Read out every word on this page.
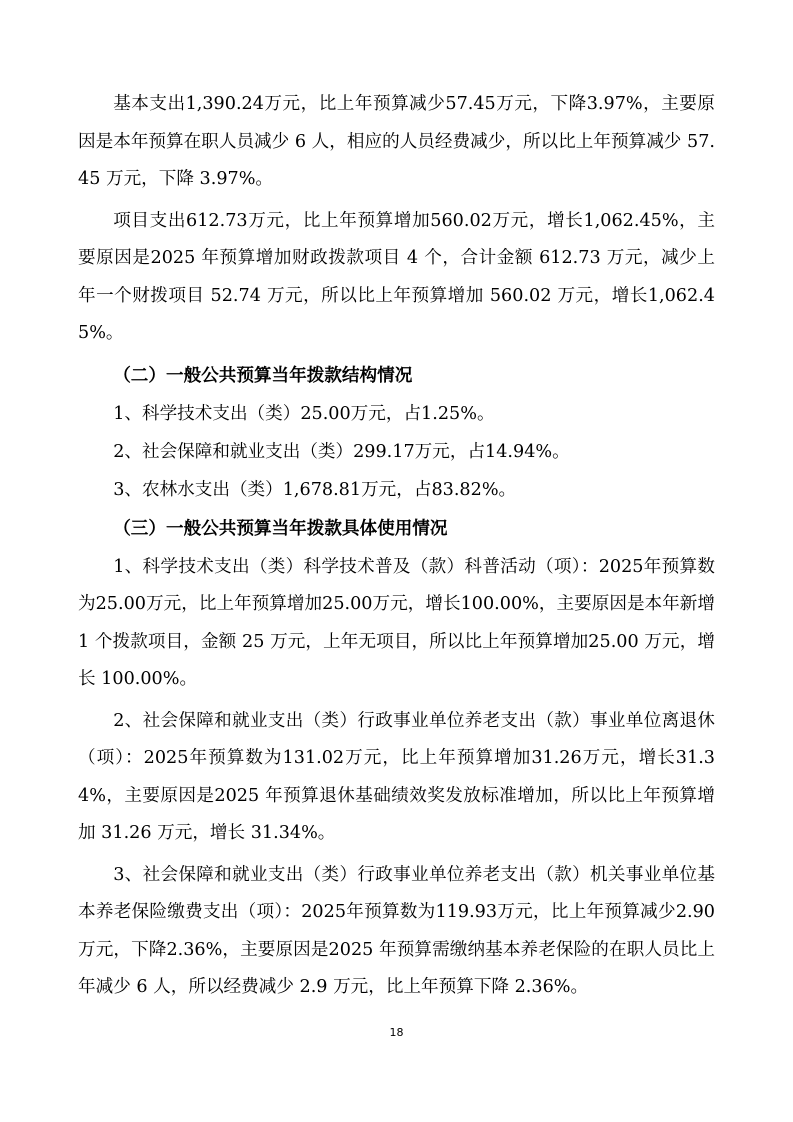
基本支出1,390.24万元，比上年预算减少57.45万元，下降3.97%，主要原因是本年预算在职人员减少 6 人，相应的人员经费减少，所以比上年预算减少 57.45 万元，下降 3.97%。

项目支出612.73万元，比上年预算增加560.02万元，增长1,062.45%，主要原因是2025 年预算增加财政拨款项目 4 个，合计金额 612.73 万元，减少上年一个财拨项目 52.74 万元，所以比上年预算增加 560.02 万元，增长1,062.45%。

（二）一般公共预算当年拨款结构情况

1、科学技术支出（类）25.00万元，占1.25%。

2、社会保障和就业支出（类）299.17万元，占14.94%。

3、农林水支出（类）1,678.81万元，占83.82%。

（三）一般公共预算当年拨款具体使用情况

1、科学技术支出（类）科学技术普及（款）科普活动（项）：2025年预算数为25.00万元，比上年预算增加25.00万元，增长100.00%，主要原因是本年新增 1 个拨款项目，金额 25 万元，上年无项目，所以比上年预算增加25.00 万元，增长 100.00%。

2、社会保障和就业支出（类）行政事业单位养老支出（款）事业单位离退休（项）：2025年预算数为131.02万元，比上年预算增加31.26万元，增长31.34%，主要原因是2025 年预算退休基础绩效奖发放标准增加，所以比上年预算增加 31.26 万元，增长 31.34%。

3、社会保障和就业支出（类）行政事业单位养老支出（款）机关事业单位基本养老保险缴费支出（项）：2025年预算数为119.93万元，比上年预算减少2.90万元，下降2.36%，主要原因是2025 年预算需缴纳基本养老保险的在职人员比上年减少 6 人，所以经费减少 2.9 万元，比上年预算下降 2.36%。

18
